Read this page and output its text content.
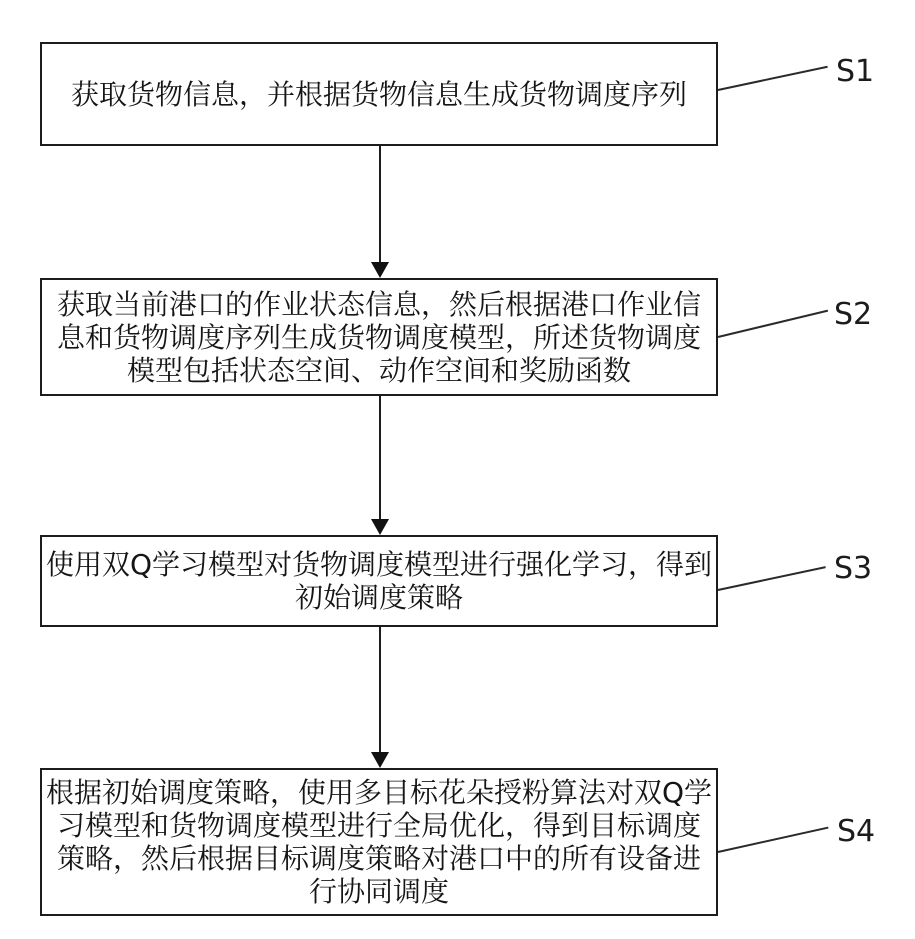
获取货物信息，并根据货物信息生成货物调度序列
获取当前港口的作业状态信息，然后根据港口作业信
息和货物调度序列生成货物调度模型，所述货物调度
模型包括状态空间、动作空间和奖励函数
使用双Q学习模型对货物调度模型进行强化学习，得到
初始调度策略
根据初始调度策略，使用多目标花朵授粉算法对双Q学
习模型和货物调度模型进行全局优化，得到目标调度
策略，然后根据目标调度策略对港口中的所有设备进
行协同调度
S1
S2
S3
S4
